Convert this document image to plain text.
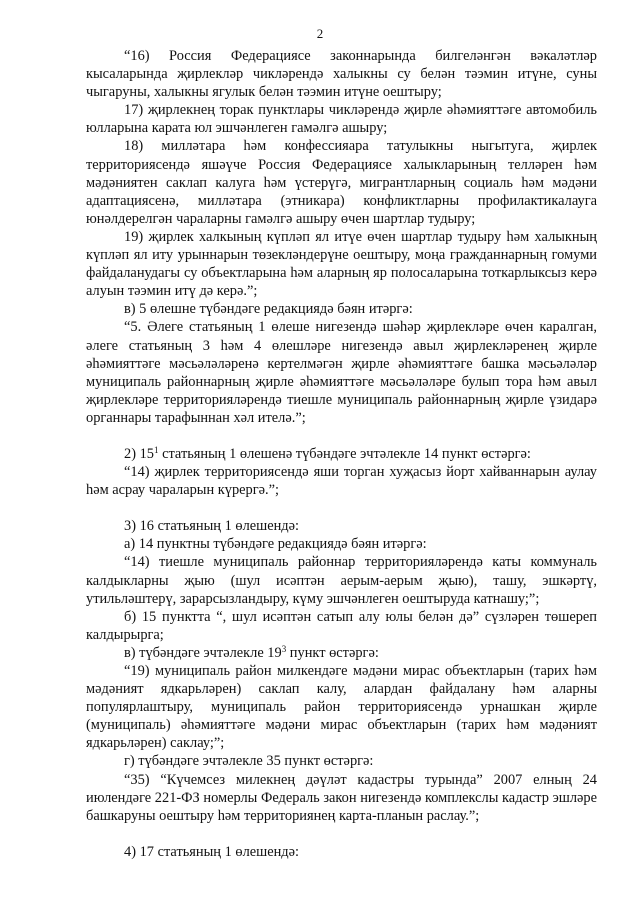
2

“16) Россия Федерациясе законнарында билгеләнгән вәкаләтләр кысаларында җирлекләр чикләрендә халыкны су белән тәэмин итүне, суны чыгаруны, халыкны ягулык белән тәэмин итүне оештыру;

17) җирлекнең торак пунктлары чикләрендә җирле әһәмияттәге автомобиль юлларына карата юл эшчәнлеген гамәлгә ашыру;

18) милләтара һәм конфессияара татулыкны ныгытуга, җирлек территориясендә яшәүче Россия Федерациясе халыкларының телләрен һәм мәдәниятен саклап калуга һәм үстерүгә, мигрантларның социаль һәм мәдәни адаптациясенә, милләтара (этникара) конфликтларны профилактикалауга юнәлдерелгән чараларны гамәлгә ашыру өчен шартлар тудыру;

19) җирлек халкының күпләп ял итүе өчен шартлар тудыру һәм халыкның күпләп ял иту урыннарын төзекләндерүне оештыру, моңа гражданнарның гомуми файдаланудагы су объектларына һәм аларның яр полосаларына тоткарлыксыз керә алуын тәэмин итү дә керә.”;

в) 5 өлешне түбәндәге редакциядә бәян итәргә:

“5. Әлеге статьяның 1 өлеше нигезендә шәһәр җирлекләре өчен каралган, әлеге статьяның 3 һәм 4 өлешләре нигезендә авыл җирлекләренең җирле әһәмияттәге мәсьәләләренә кертелмәгән җирле әһәмияттәге башка мәсьәләләр муниципаль районнарның җирле әһәмияттәге мәсьәләләре булып тора һәм авыл җирлекләре территорияләрендә тиешле муниципаль районнарның җирле үзидарә органнары тарафыннан хәл ителә.”;

2) $15^1$ статьяның 1 өлешенә түбәндәге эчтәлекле 14 пункт өстәргә:

“14) җирлек территориясендә яши торган хуҗасыз йорт хайваннарын аулау һәм асрау чараларын күрергә.”;

3) 16 статьяның 1 өлешендә:

а) 14 пунктны түбәндәге редакциядә бәян итәргә:

“14) тиешле муниципаль районнар территорияләрендә каты коммуналь калдыкларны җыю (шул исәптән аерым-аерым җыю), ташу, эшкәртү, утильләштерү, зарарсызландыру, күму эшчәнлеген оештыруда катнашу;”;

б) 15 пунктта “, шул исәптән сатып алу юлы белән дә” сүзләрен төшереп калдырырга;

в) түбәндәге эчтәлекле $19^3$ пункт өстәргә:

“19) муниципаль район милкендәге мәдәни мирас объектларын (тарих һәм мәдәният ядкарьләрен) саклап калу, алардан файдалану һәм аларны популярлаштыру, муниципаль район территориясендә урнашкан җирле (муниципаль) әһәмияттәге мәдәни мирас объектларын (тарих һәм мәдәният ядкарьләрен) саклау;”;

г) түбәндәге эчтәлекле 35 пункт өстәргә:

“35) “Күчемсез милекнең дәүләт кадастры турында” 2007 елның 24 июлендәге 221-ФЗ номерлы Федераль закон нигезендә комплекслы кадастр эшләре башкаруны оештыру һәм территориянең карта-планын раслау.”;

4) 17 статьяның 1 өлешендә:
